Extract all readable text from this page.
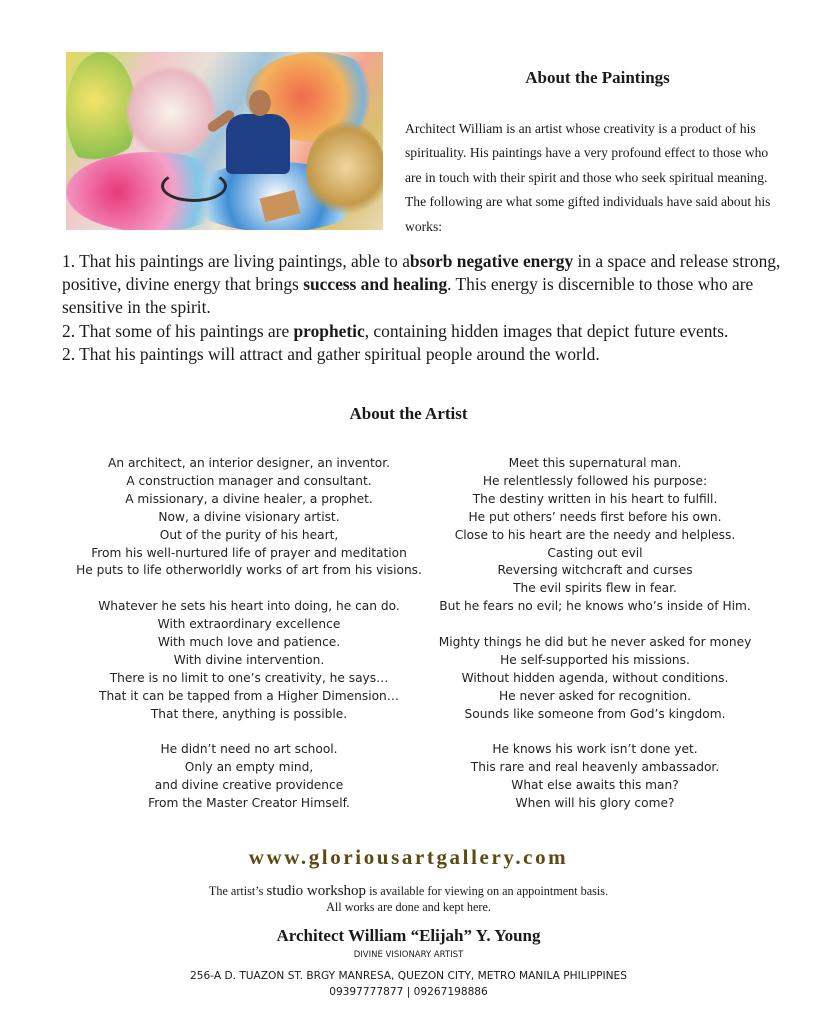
About the Paintings

Architect William is an artist whose creativity is a product of his spirituality. His paintings have a very profound effect to those who are in touch with their spirit and those who seek spiritual meaning. The following are what some gifted individuals have said about his works:

1. That his paintings are living paintings, able to absorb negative energy in a space and release strong, positive, divine energy that brings success and healing. This energy is discernible to those who are sensitive in the spirit.

2. That some of his paintings are prophetic, containing hidden images that depict future events.

2. That his paintings will attract and gather spiritual people around the world.

About the Artist
An architect, an interior designer, an inventor.
A construction manager and consultant.
A missionary, a divine healer, a prophet.
Now, a divine visionary artist.
Out of the purity of his heart,
From his well-nurtured life of prayer and meditation
He puts to life otherworldly works of art from his visions.
Whatever he sets his heart into doing, he can do.
With extraordinary excellence
With much love and patience.
With divine intervention.
There is no limit to one’s creativity, he says…
That it can be tapped from a Higher Dimension…
That there, anything is possible.
He didn’t need no art school.
Only an empty mind,
and divine creative providence
From the Master Creator Himself.
Meet this supernatural man.
He relentlessly followed his purpose:
The destiny written in his heart to fulfill.
He put others’ needs first before his own.
Close to his heart are the needy and helpless.
Casting out evil
Reversing witchcraft and curses
The evil spirits flew in fear.
But he fears no evil; he knows who’s inside of Him.
Mighty things he did but he never asked for money
He self-supported his missions.
Without hidden agenda, without conditions.
He never asked for recognition.
Sounds like someone from God’s kingdom.
He knows his work isn’t done yet.
This rare and real heavenly ambassador.
What else awaits this man?
When will his glory come?
www.gloriousartgallery.com
The artist’s studio workshop is available for viewing on an appointment basis.
All works are done and kept here.
Architect William “Elijah” Y. Young
DIVINE VISIONARY ARTIST
256-A D. TUAZON ST. BRGY MANRESA, QUEZON CITY, METRO MANILA PHILIPPINES
09397777877 | 09267198886
